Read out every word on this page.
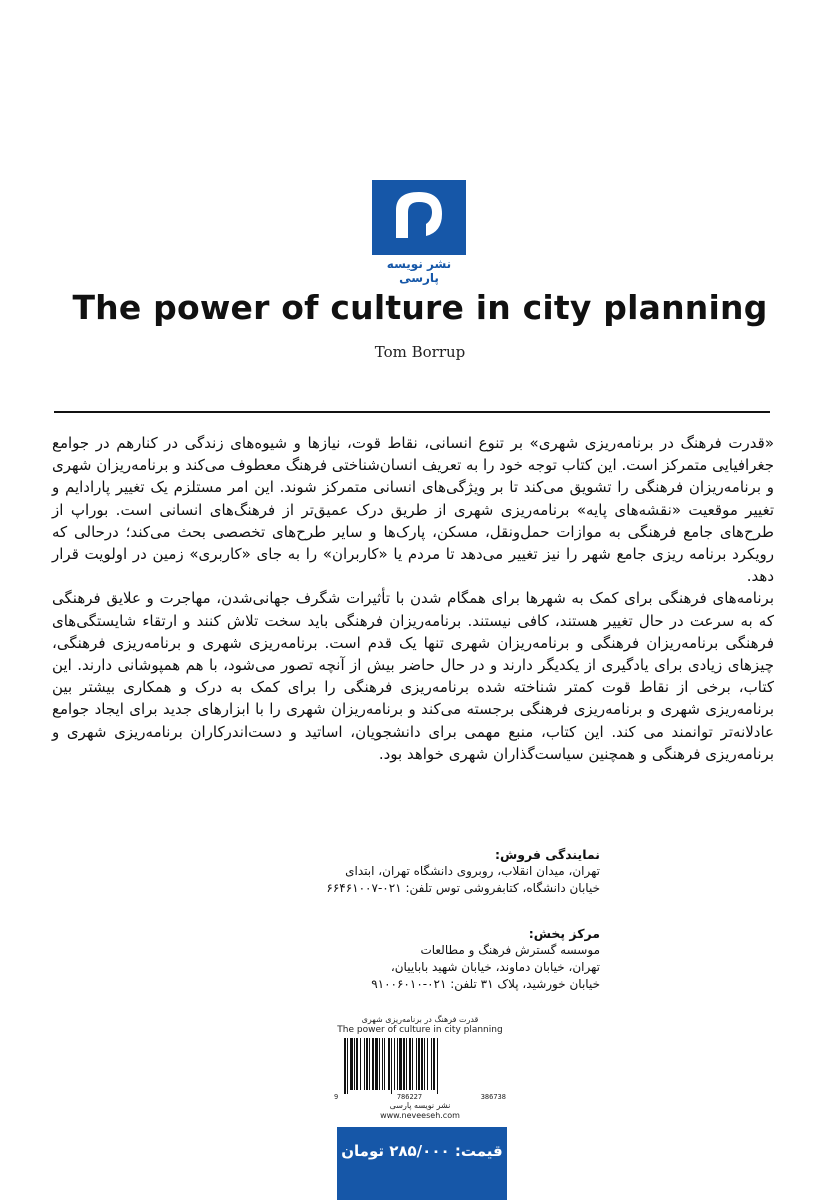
نشر نویسه پارسی
The power of culture in city planning
Tom Borrup

«قدرت فرهنگ در برنامه‌ریزی شهری» بر تنوع انسانی، نقاط قوت، نیازها و شیوه‌های زندگی در کنارهم در جوامع جغرافیایی متمرکز است. این کتاب توجه خود را به تعریف انسان‌شناختی فرهنگ معطوف می‌کند و برنامه‌ریزان شهری و برنامه‌ریزان فرهنگی را تشویق می‌کند تا بر ویژگی‌های انسانی متمرکز شوند. این امر مستلزم یک تغییر پارادایم و تغییر موقعیت «نقشه‌های پایه» برنامه‌ریزی شهری از طریق درک عمیق‌تر از فرهنگ‌های انسانی است. بوراپ از طرح‌های جامع فرهنگی به موازات حمل‌ونقل، مسکن، پارک‌ها و سایر طرح‌های تخصصی بحث می‌کند؛ درحالی که رویکرد برنامه ریزی جامع شهر را نیز تغییر می‌دهد تا مردم یا «کاربران» را به جای «کاربری» زمین در اولویت قرار دهد.

برنامه‌های فرهنگی برای کمک به شهرها برای همگام شدن با تأثیرات شگرف جهانی‌شدن، مهاجرت و علایق فرهنگی که به سرعت در حال تغییر هستند، کافی نیستند. برنامه‌ریزان فرهنگی باید سخت تلاش کنند و ارتقاء شایستگی‌های فرهنگی برنامه‌ریزان فرهنگی و برنامه‌ریزان شهری تنها یک قدم است. برنامه‌ریزی شهری و برنامه‌ریزی فرهنگی، چیزهای زیادی برای یادگیری از یکدیگر دارند و در حال حاضر بیش از آنچه تصور می‌شود، با هم همپوشانی دارند. این کتاب، برخی از نقاط قوت کمتر شناخته شده برنامه‌ریزی فرهنگی را برای کمک به درک و همکاری بیشتر بین برنامه‌ریزی شهری و برنامه‌ریزی فرهنگی برجسته می‌کند و برنامه‌ریزان شهری را با ابزارهای جدید برای ایجاد جوامع عادلانه‌تر توانمند می کند. این کتاب، منبع مهمی برای دانشجویان، اساتید و دست‌اندرکاران برنامه‌ریزی شهری و برنامه‌ریزی فرهنگی و همچنین سیاست‌گذاران شهری خواهد بود.

نمایندگی فروش:
تهران، میدان انقلاب، روبروی دانشگاه تهران، ابتدای
خیابان دانشگاه، کتابفروشی توس تلفن: ۰۲۱-۶۶۴۶۱۰۰۷
مرکز پخش:
موسسه گسترش فرهنگ و مطالعات
تهران، خیابان دماوند، خیابان شهید باباییان،
خیابان خورشید، پلاک ۳۱ تلفن: ۰۲۱-۹۱۰۰۶۰۱۰
قدرت فرهنگ در برنامه‌ریزی شهری
The power of culture in city planning
9	786227	386738
نشر نویسه پارسی
www.neveeseh.com
قیمت: ۲۸۵/۰۰۰ تومان
